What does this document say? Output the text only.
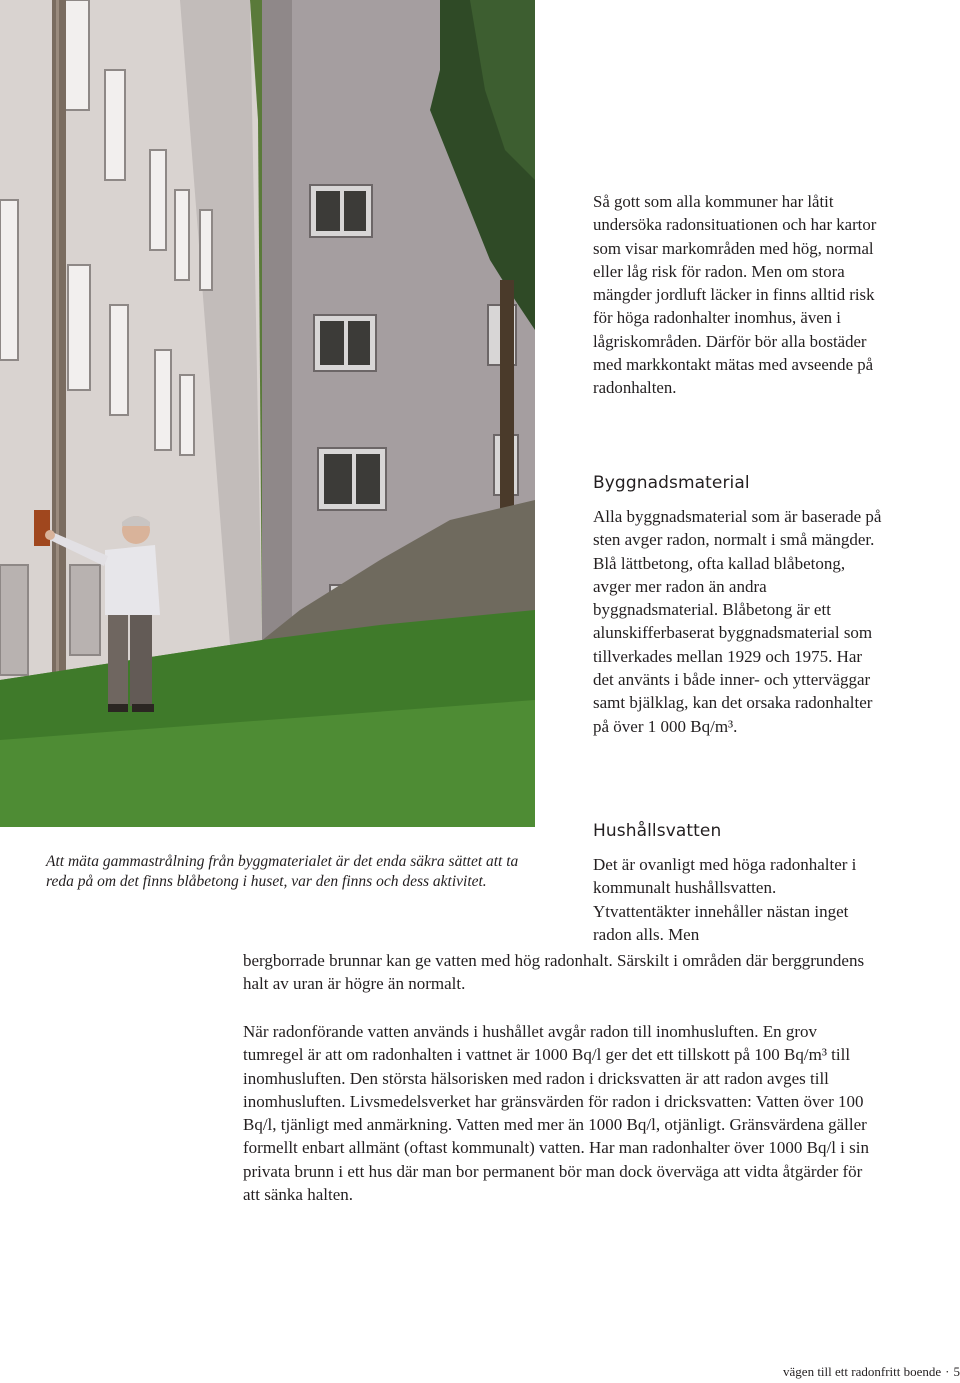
Att mäta gammastrålning från byggmaterialet är det enda säkra sättet att ta reda på om det finns blåbetong i huset, var den finns och dess aktivitet.

Så gott som alla kommuner har låtit undersöka radonsituationen och har kartor som visar markområden med hög, normal eller låg risk för radon. Men om stora mängder jordluft läcker in finns alltid risk för höga radonhalter inomhus, även i lågriskområden. Därför bör alla bostäder med markkontakt mätas med avseende på radonhalten.

Byggnadsmaterial

Alla byggnadsmaterial som är baserade på sten avger radon, normalt i små mängder. Blå lättbetong, ofta kallad blåbetong, avger mer radon än andra byggnadsmaterial. Blåbetong är ett alunskifferbaserat byggnadsmaterial som tillverkades mellan 1929 och 1975. Har det använts i både inner- och ytterväggar samt bjälklag, kan det orsaka radonhalter på över 1 000 Bq/m³.

Hushållsvatten

Det är ovanligt med höga radonhalter i kommunalt hushållsvatten. Ytvattentäkter innehåller nästan inget radon alls. Men

bergborrade brunnar kan ge vatten med hög radonhalt. Särskilt i områden där berggrundens halt av uran är högre än normalt.

När radonförande vatten används i hushållet avgår radon till inomhusluften. En grov tumregel är att om radonhalten i vattnet är 1000 Bq/l ger det ett tillskott på 100 Bq/m³ till inomhusluften. Den största hälsorisken med radon i dricksvatten är att radon avges till inomhusluften. Livsmedelsverket har gränsvärden för radon i dricksvatten: Vatten över 100 Bq/l, tjänligt med anmärkning. Vatten med mer än 1000 Bq/l, otjänligt. Gränsvärdena gäller formellt enbart allmänt (oftast kommunalt) vatten. Har man radonhalter över 1000 Bq/l i sin privata brunn i ett hus där man bor permanent bör man dock överväga att vidta åtgärder för att sänka halten.

vägen till ett radonfritt boende · 5
